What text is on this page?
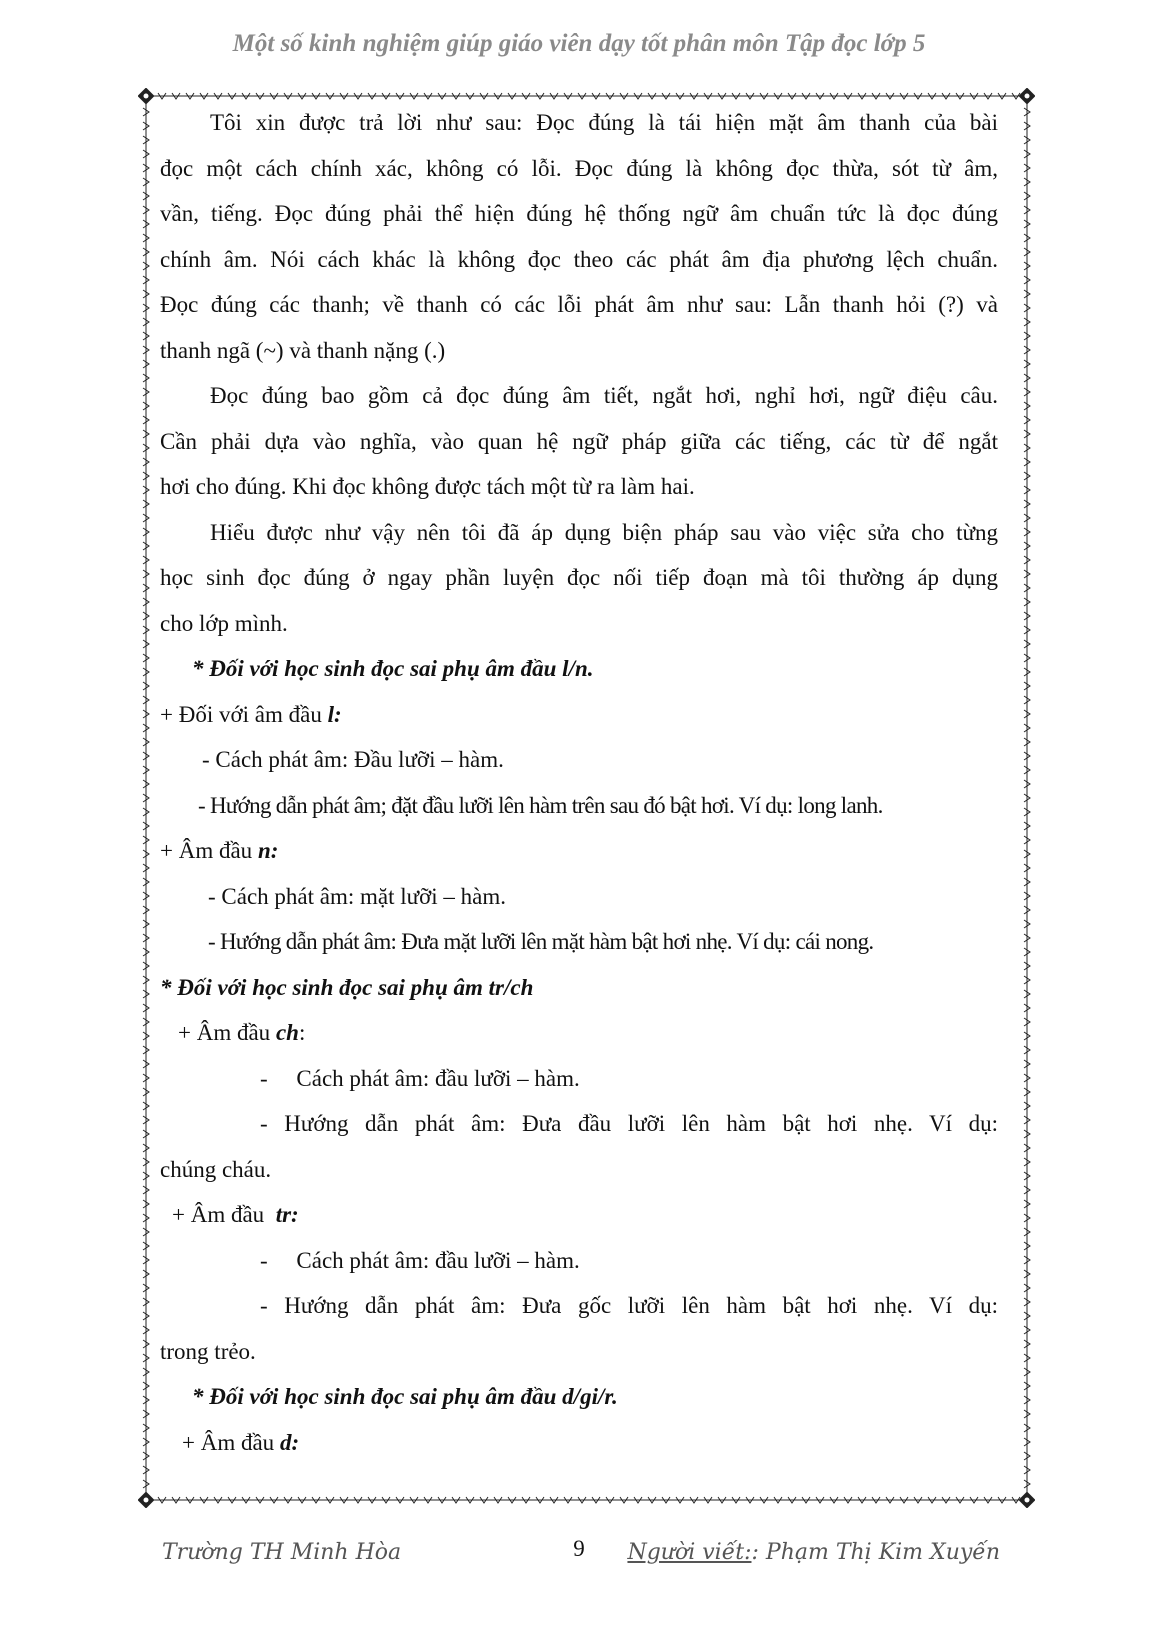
Một số kinh nghiệm giúp giáo viên dạy tốt phân môn Tập đọc lớp 5
Tôi xin được trả lời như sau: Đọc đúng là tái hiện mặt âm thanh của bài
đọc một cách chính xác, không có lỗi. Đọc đúng là không đọc thừa, sót từ âm,
vần, tiếng. Đọc đúng phải thể hiện đúng hệ thống ngữ âm chuẩn tức là đọc đúng
chính âm. Nói cách khác là không đọc theo các phát âm địa phương lệch chuẩn.
Đọc đúng các thanh; về thanh có các lỗi phát âm như sau: Lẫn thanh hỏi (?) và
thanh ngã (~) và thanh nặng (.)
Đọc đúng bao gồm cả đọc đúng âm tiết, ngắt hơi, nghỉ hơi, ngữ điệu câu.
Cần phải dựa vào nghĩa, vào quan hệ ngữ pháp giữa các tiếng, các từ để ngắt
hơi cho đúng. Khi đọc không được tách một từ ra làm hai.
Hiểu được như vậy nên tôi đã áp dụng biện pháp sau vào việc sửa cho từng
học sinh đọc đúng ở ngay phần luyện đọc nối tiếp đoạn mà tôi thường áp dụng
cho lớp mình.
* Đối với học sinh đọc sai phụ âm đầu l/n.
+ Đối với âm đầu l:
- Cách phát âm: Đầu lưỡi – hàm.
- Hướng dẫn phát âm; đặt đầu lưỡi lên hàm trên sau đó bật hơi. Ví dụ: long lanh.
+ Âm đầu n:
- Cách phát âm: mặt lưỡi – hàm.
- Hướng dẫn phát âm: Đưa mặt lưỡi lên mặt hàm bật hơi nhẹ. Ví dụ: cái nong.
* Đối với học sinh đọc sai phụ âm tr/ch
+ Âm đầu ch:
-     Cách phát âm: đầu lưỡi – hàm.
- Hướng dẫn phát âm: Đưa đầu lưỡi lên hàm bật hơi nhẹ. Ví dụ:
chúng cháu.
+ Âm đầu  tr:
-     Cách phát âm: đầu lưỡi – hàm.
- Hướng dẫn phát âm: Đưa gốc lưỡi lên hàm bật hơi nhẹ. Ví dụ:
trong trẻo.
* Đối với học sinh đọc sai phụ âm đầu d/gi/r.
+ Âm đầu d:
Trường TH Minh Hòa	9	Người viết:: Phạm Thị Kim Xuyến
